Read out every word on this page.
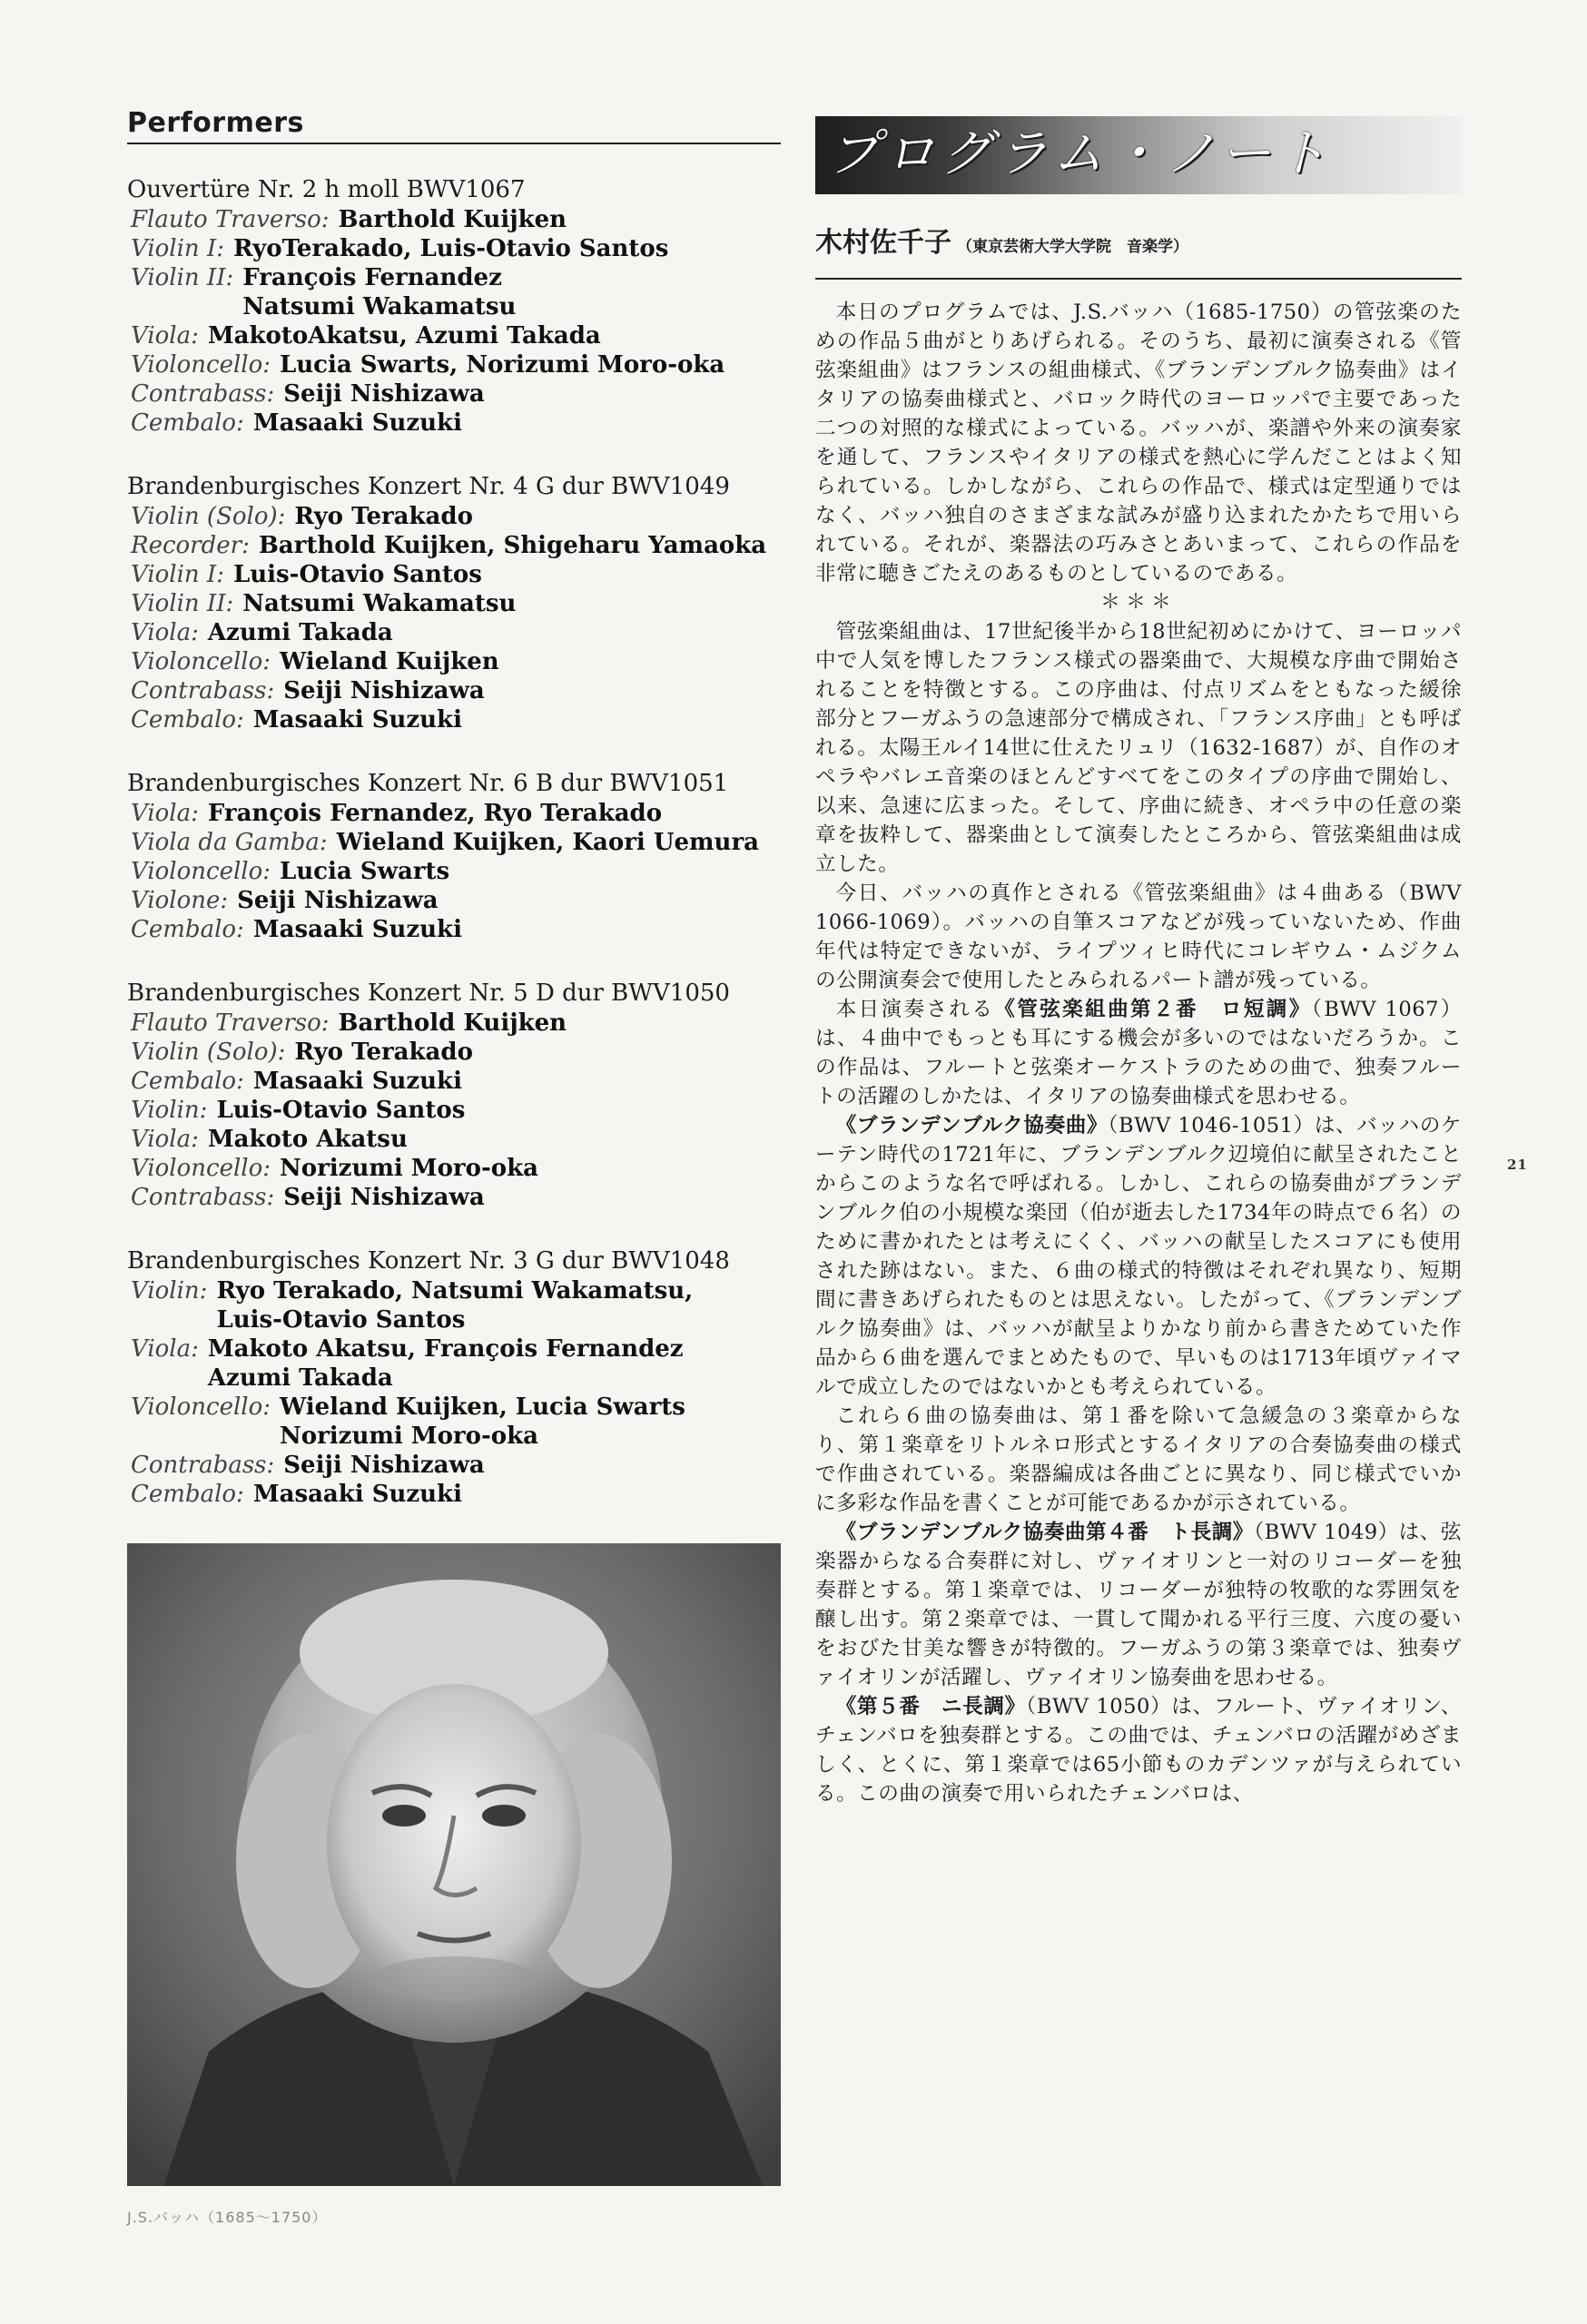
Performers
Ouvertüre Nr. 2 h moll BWV1067
Flauto Traverso: Barthold Kuijken
Violin I: RyoTerakado, Luis-Otavio Santos
Violin II: François Fernandez
Natsumi Wakamatsu
Viola: MakotoAkatsu, Azumi Takada
Violoncello: Lucia Swarts, Norizumi Moro-oka
Contrabass: Seiji Nishizawa
Cembalo: Masaaki Suzuki
Brandenburgisches Konzert Nr. 4 G dur BWV1049
Violin (Solo): Ryo Terakado
Recorder: Barthold Kuijken, Shigeharu Yamaoka
Violin I: Luis-Otavio Santos
Violin II: Natsumi Wakamatsu
Viola: Azumi Takada
Violoncello: Wieland Kuijken
Contrabass: Seiji Nishizawa
Cembalo: Masaaki Suzuki
Brandenburgisches Konzert Nr. 6 B dur BWV1051
Viola: François Fernandez, Ryo Terakado
Viola da Gamba: Wieland Kuijken, Kaori Uemura
Violoncello: Lucia Swarts
Violone: Seiji Nishizawa
Cembalo: Masaaki Suzuki
Brandenburgisches Konzert Nr. 5 D dur BWV1050
Flauto Traverso: Barthold Kuijken
Violin (Solo): Ryo Terakado
Cembalo: Masaaki Suzuki
Violin: Luis-Otavio Santos
Viola: Makoto Akatsu
Violoncello: Norizumi Moro-oka
Contrabass: Seiji Nishizawa
Brandenburgisches Konzert Nr. 3 G dur BWV1048
Violin: Ryo Terakado, Natsumi Wakamatsu,
Luis-Otavio Santos
Viola: Makoto Akatsu, François Fernandez
Azumi Takada
Violoncello: Wieland Kuijken, Lucia Swarts
Norizumi Moro-oka
Contrabass: Seiji Nishizawa
Cembalo: Masaaki Suzuki
J.S.バッハ（1685〜1750）
プログラム・ノート
木村佐千子 （東京芸術大学大学院　音楽学）

本日のプログラムでは、J.S.バッハ（1685-1750）の管弦楽のための作品５曲がとりあげられる。そのうち、最初に演奏される《管弦楽組曲》はフランスの組曲様式、《ブランデンブルク協奏曲》はイタリアの協奏曲様式と、バロック時代のヨーロッパで主要であった二つの対照的な様式によっている。バッハが、楽譜や外来の演奏家を通して、フランスやイタリアの様式を熱心に学んだことはよく知られている。しかしながら、これらの作品で、様式は定型通りではなく、バッハ独自のさまざまな試みが盛り込まれたかたちで用いられている。それが、楽器法の巧みさとあいまって、これらの作品を非常に聴きごたえのあるものとしているのである。

＊＊＊

管弦楽組曲は、17世紀後半から18世紀初めにかけて、ヨーロッパ中で人気を博したフランス様式の器楽曲で、大規模な序曲で開始されることを特徴とする。この序曲は、付点リズムをともなった緩徐部分とフーガふうの急速部分で構成され、「フランス序曲」とも呼ばれる。太陽王ルイ14世に仕えたリュリ（1632-1687）が、自作のオペラやバレエ音楽のほとんどすべてをこのタイプの序曲で開始し、以来、急速に広まった。そして、序曲に続き、オペラ中の任意の楽章を抜粋して、器楽曲として演奏したところから、管弦楽組曲は成立した。

今日、バッハの真作とされる《管弦楽組曲》は４曲ある（BWV 1066-1069）。バッハの自筆スコアなどが残っていないため、作曲年代は特定できないが、ライプツィヒ時代にコレギウム・ムジクムの公開演奏会で使用したとみられるパート譜が残っている。

本日演奏される《管弦楽組曲第２番　ロ短調》（BWV 1067）は、４曲中でもっとも耳にする機会が多いのではないだろうか。この作品は、フルートと弦楽オーケストラのための曲で、独奏フルートの活躍のしかたは、イタリアの協奏曲様式を思わせる。

《ブランデンブルク協奏曲》（BWV 1046-1051）は、バッハのケーテン時代の1721年に、ブランデンブルク辺境伯に献呈されたことからこのような名で呼ばれる。しかし、これらの協奏曲がブランデンブルク伯の小規模な楽団（伯が逝去した1734年の時点で６名）のために書かれたとは考えにくく、バッハの献呈したスコアにも使用された跡はない。また、６曲の様式的特徴はそれぞれ異なり、短期間に書きあげられたものとは思えない。したがって、《ブランデンブルク協奏曲》は、バッハが献呈よりかなり前から書きためていた作品から６曲を選んでまとめたもので、早いものは1713年頃ヴァイマルで成立したのではないかとも考えられている。

これら６曲の協奏曲は、第１番を除いて急緩急の３楽章からなり、第１楽章をリトルネロ形式とするイタリアの合奏協奏曲の様式で作曲されている。楽器編成は各曲ごとに異なり、同じ様式でいかに多彩な作品を書くことが可能であるかが示されている。

《ブランデンブルク協奏曲第４番　ト長調》（BWV 1049）は、弦楽器からなる合奏群に対し、ヴァイオリンと一対のリコーダーを独奏群とする。第１楽章では、リコーダーが独特の牧歌的な雰囲気を醸し出す。第２楽章では、一貫して聞かれる平行三度、六度の憂いをおびた甘美な響きが特徴的。フーガふうの第３楽章では、独奏ヴァイオリンが活躍し、ヴァイオリン協奏曲を思わせる。

《第５番　ニ長調》（BWV 1050）は、フルート、ヴァイオリン、チェンバロを独奏群とする。この曲では、チェンバロの活躍がめざましく、とくに、第１楽章では65小節ものカデンツァが与えられている。この曲の演奏で用いられたチェンバロは、

21
